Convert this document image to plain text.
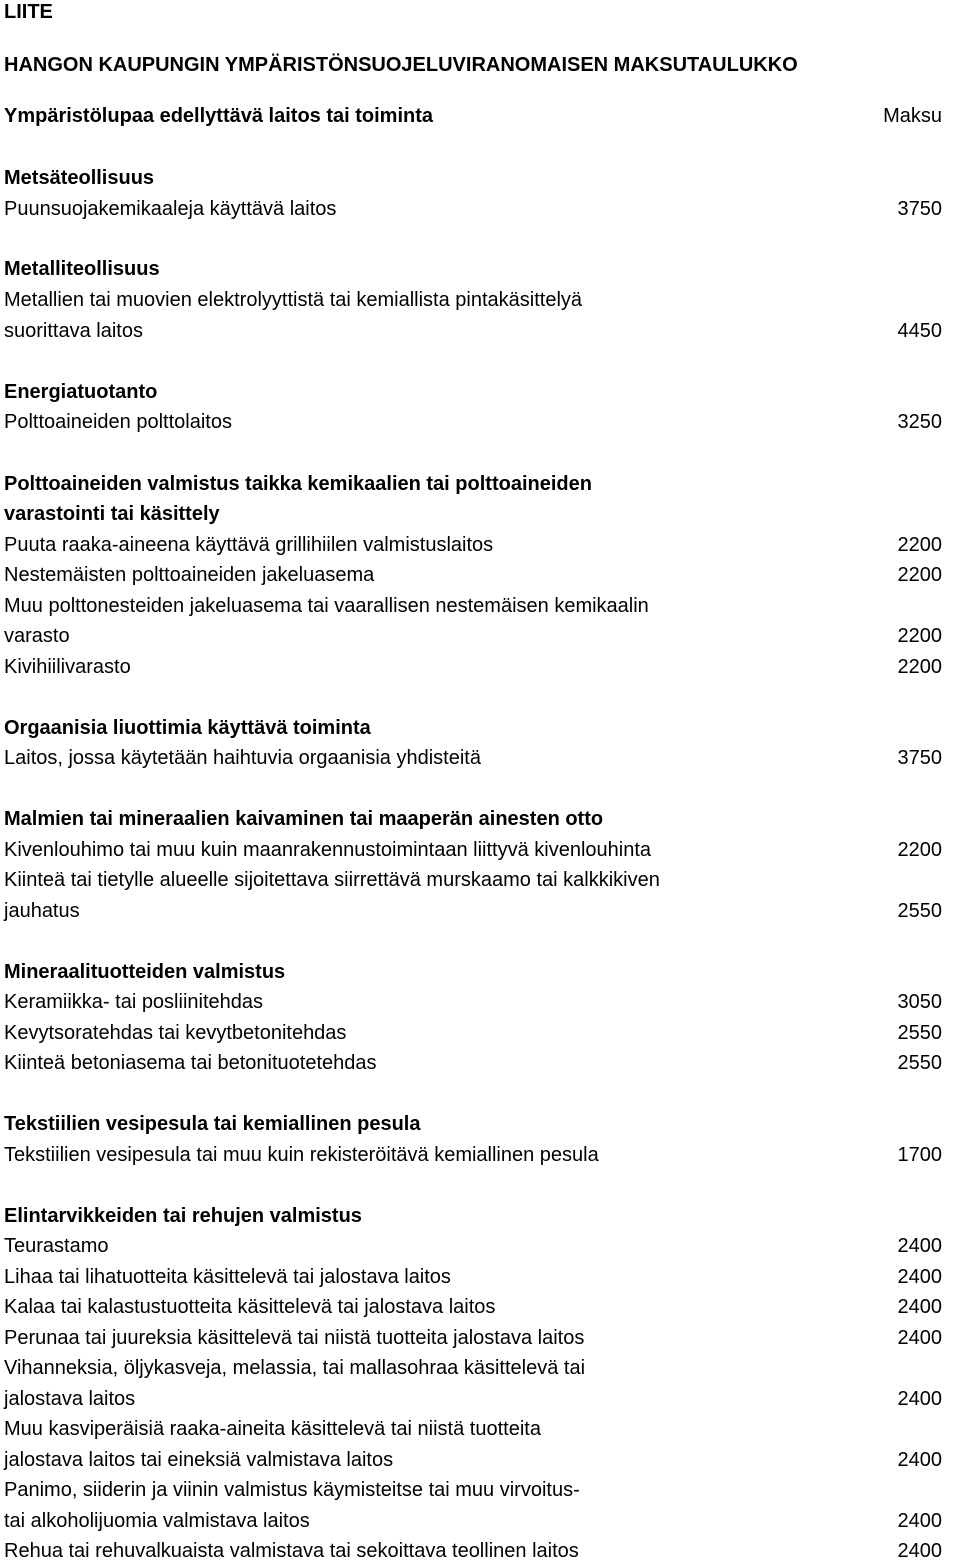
LIITE
HANGON KAUPUNGIN YMPÄRISTÖNSUOJELUVIRANOMAISEN MAKSUTAULUKKO
Ympäristölupaa edellyttävä laitos tai toiminta	Maksu
Metsäteollisuus
Puunsuojakemikaaleja käyttävä laitos	3750
Metalliteollisuus
Metallien tai muovien elektrolyyttistä tai kemiallista pintakäsittelyä
suorittava laitos	4450
Energiatuotanto
Polttoaineiden polttolaitos	3250
Polttoaineiden valmistus taikka kemikaalien tai polttoaineiden
varastointi tai käsittely
Puuta raaka-aineena käyttävä grillihiilen valmistuslaitos	2200
Nestemäisten polttoaineiden jakeluasema	2200
Muu polttonesteiden jakeluasema tai vaarallisen nestemäisen kemikaalin
varasto	2200
Kivihiilivarasto	2200
Orgaanisia liuottimia käyttävä toiminta
Laitos, jossa käytetään haihtuvia orgaanisia yhdisteitä	3750
Malmien tai mineraalien kaivaminen tai maaperän ainesten otto
Kivenlouhimo tai muu kuin maanrakennustoimintaan liittyvä kivenlouhinta	2200
Kiinteä tai tietylle alueelle sijoitettava siirrettävä murskaamo tai kalkkikiven
jauhatus	2550
Mineraalituotteiden valmistus
Keramiikka- tai posliinitehdas	3050
Kevytsoratehdas tai kevytbetonitehdas	2550
Kiinteä betoniasema tai betonituotetehdas	2550
Tekstiilien vesipesula tai kemiallinen pesula
Tekstiilien vesipesula tai muu kuin rekisteröitävä kemiallinen pesula	1700
Elintarvikkeiden tai rehujen valmistus
Teurastamo	2400
Lihaa tai lihatuotteita käsittelevä tai jalostava laitos	2400
Kalaa tai kalastustuotteita käsittelevä tai jalostava laitos	2400
Perunaa tai juureksia käsittelevä tai niistä tuotteita jalostava laitos	2400
Vihanneksia, öljykasveja, melassia, tai mallasohraa käsittelevä tai
jalostava laitos	2400
Muu kasviperäisiä raaka-aineita käsittelevä tai niistä tuotteita
jalostava laitos tai eineksiä valmistava laitos	2400
Panimo, siiderin ja viinin valmistus käymisteitse tai muu virvoitus-
tai alkoholijuomia valmistava laitos	2400
Rehua tai rehuvalkuaista valmistava tai sekoittava teollinen laitos	2400
